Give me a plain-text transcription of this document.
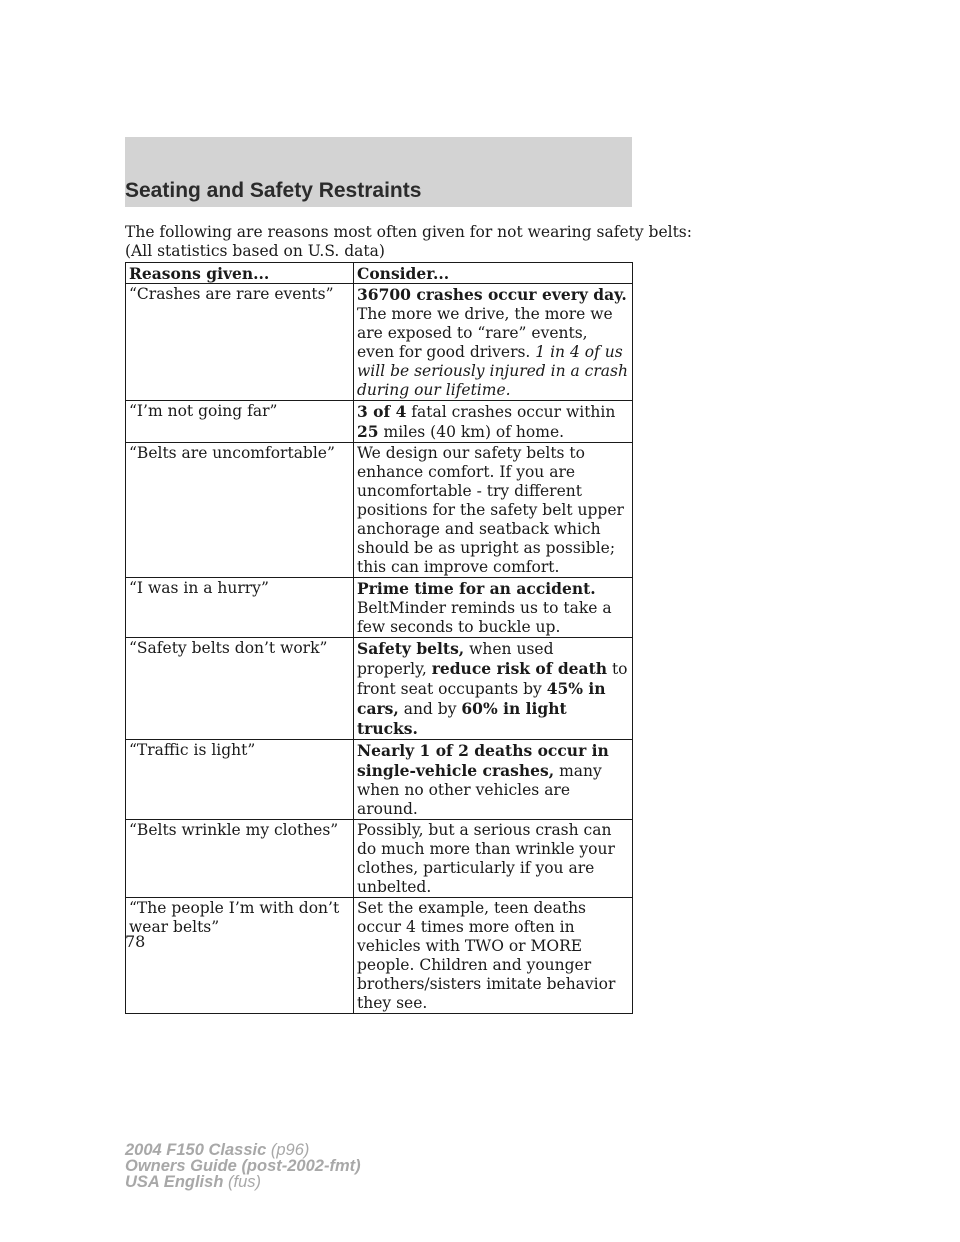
Seating and Safety Restraints
The following are reasons most often given for not wearing safety belts:
(All statistics based on U.S. data)
Reasons given...	Consider...
“Crashes are rare events”	36700 crashes occur every day. The more we drive, the more we are exposed to “rare” events, even for good drivers. 1 in 4 of us will be seriously injured in a crash during our lifetime.
“I’m not going far”	3 of 4 fatal crashes occur within 25 miles (40 km) of home.
“Belts are uncomfortable”	We design our safety belts to enhance comfort. If you are uncomfortable - try different positions for the safety belt upper anchorage and seatback which should be as upright as possible; this can improve comfort.
“I was in a hurry”	Prime time for an accident. BeltMinder reminds us to take a few seconds to buckle up.
“Safety belts don’t work”	Safety belts, when used properly, reduce risk of death to front seat occupants by 45% in cars, and by 60% in light trucks.
“Traffic is light”	Nearly 1 of 2 deaths occur in single-vehicle crashes, many when no other vehicles are around.
“Belts wrinkle my clothes”	Possibly, but a serious crash can do much more than wrinkle your clothes, particularly if you are unbelted.
“The people I’m with don’t wear belts”	Set the example, teen deaths occur 4 times more often in vehicles with TWO or MORE people. Children and younger brothers/sisters imitate behavior they see.
78
2004 F150 Classic (p96)
Owners Guide (post-2002-fmt)
USA English (fus)
